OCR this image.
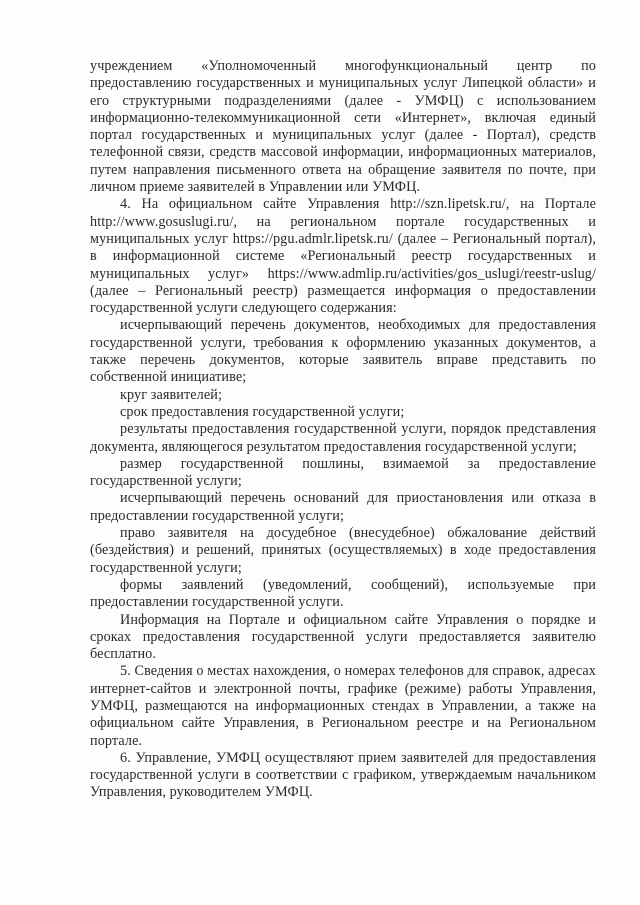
учреждением «Уполномоченный многофункциональный центр по предоставлению государственных и муниципальных услуг Липецкой области» и его структурными подразделениями (далее - УМФЦ) с использованием информационно-телекоммуникационной сети «Интернет», включая единый портал государственных и муниципальных услуг (далее - Портал), средств телефонной связи, средств массовой информации, информационных материалов, путем направления письменного ответа на обращение заявителя по почте, при личном приеме заявителей в Управлении или УМФЦ.

4. На официальном сайте Управления http://szn.lipetsk.ru/, на Портале http://www.gosuslugi.ru/, на региональном портале государственных и муниципальных услуг https://pgu.admlr.lipetsk.ru/ (далее – Региональный портал), в информационной системе «Региональный реестр государственных и муниципальных услуг» https://www.admlip.ru/activities/gos_uslugi/reestr-uslug/ (далее – Региональный реестр) размещается информация о предоставлении государственной услуги следующего содержания:

исчерпывающий перечень документов, необходимых для предоставления государственной услуги, требования к оформлению указанных документов, а также перечень документов, которые заявитель вправе представить по собственной инициативе;

круг заявителей;

срок предоставления государственной услуги;

результаты предоставления государственной услуги, порядок представления документа, являющегося результатом предоставления государственной услуги;

размер государственной пошлины, взимаемой за предоставление государственной услуги;

исчерпывающий перечень оснований для приостановления или отказа в предоставлении государственной услуги;

право заявителя на досудебное (внесудебное) обжалование действий (бездействия) и решений, принятых (осуществляемых) в ходе предоставления государственной услуги;

формы заявлений (уведомлений, сообщений), используемые при предоставлении государственной услуги.

Информация на Портале и официальном сайте Управления о порядке и сроках предоставления государственной услуги предоставляется заявителю бесплатно.

5. Сведения о местах нахождения, о номерах телефонов для справок, адресах интернет-сайтов и электронной почты, графике (режиме) работы Управления, УМФЦ, размещаются на информационных стендах в Управлении, а также на официальном сайте Управления, в Региональном реестре и на Региональном портале.

6. Управление, УМФЦ осуществляют прием заявителей для предоставления государственной услуги в соответствии с графиком, утверждаемым начальником Управления, руководителем УМФЦ.
